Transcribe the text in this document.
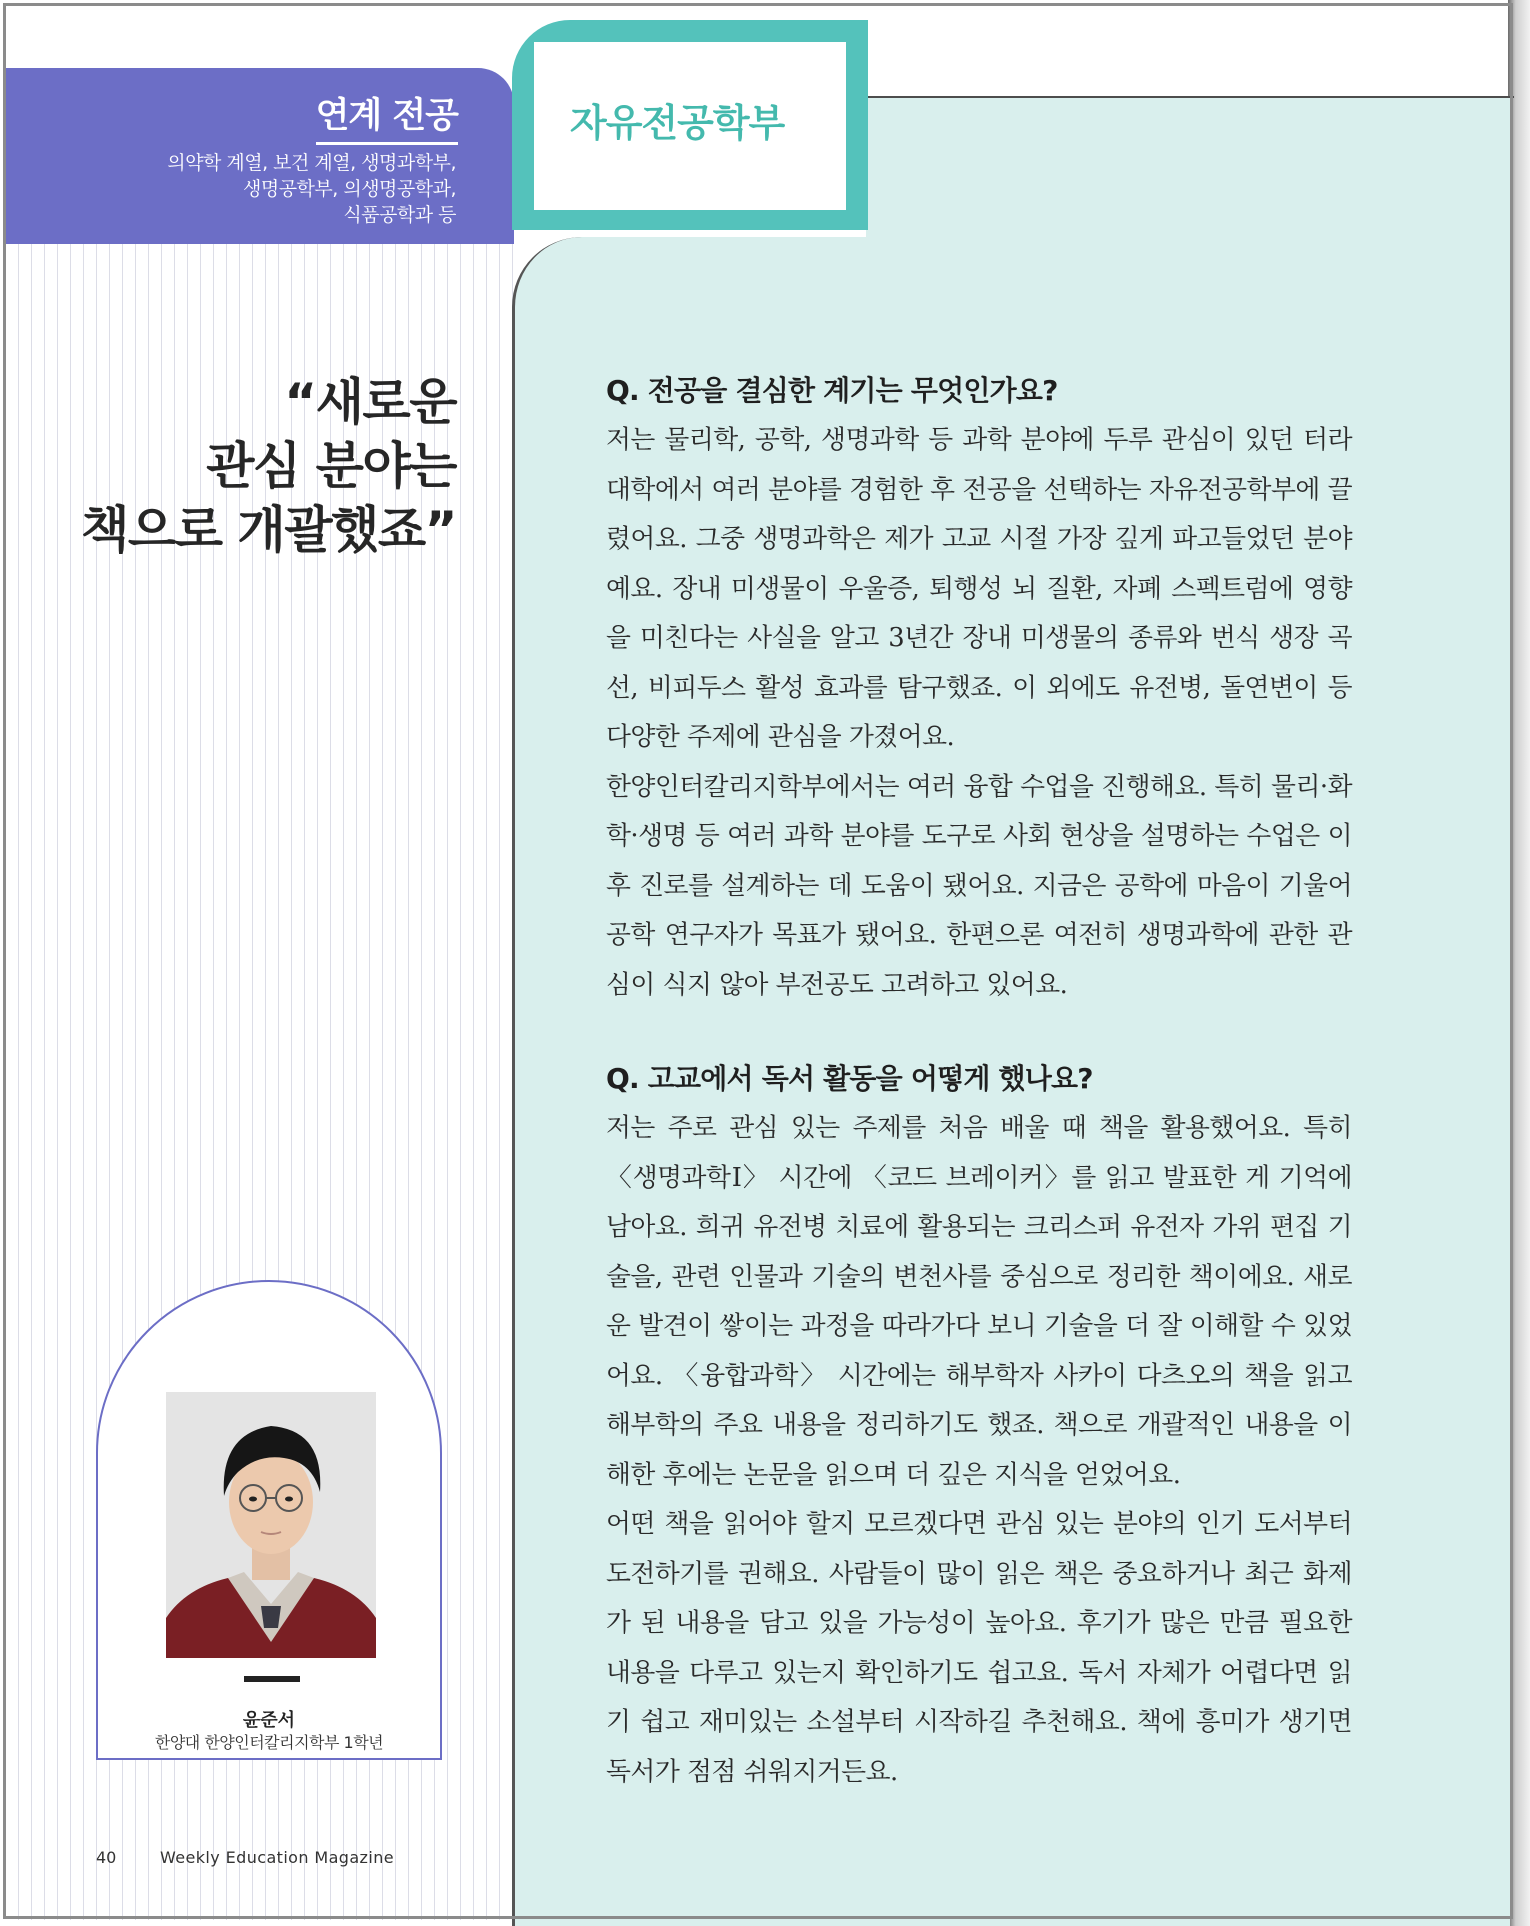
연계 전공
의약학 계열, 보건 계열, 생명과학부,
생명공학부, 의생명공학과,
식품공학과 등
자유전공학부
“새로운
관심 분야는
책으로 개괄했죠”
윤준서
한양대 한양인터칼리지학부 1학년
40	Weekly Education Magazine
Q. 전공을 결심한 계기는 무엇인가요?
저는 물리학, 공학, 생명과학 등 과학 분야에 두루 관심이 있던 터라 대학에서 여러 분야를 경험한 후 전공을 선택하는 자유전공학부에 끌렸어요. 그중 생명과학은 제가 고교 시절 가장 깊게 파고들었던 분야예요. 장내 미생물이 우울증, 퇴행성 뇌 질환, 자폐 스펙트럼에 영향을 미친다는 사실을 알고 3년간 장내 미생물의 종류와 번식 생장 곡선, 비피두스 활성 효과를 탐구했죠. 이 외에도 유전병, 돌연변이 등 다양한 주제에 관심을 가졌어요.
한양인터칼리지학부에서는 여러 융합 수업을 진행해요. 특히 물리·화학·생명 등 여러 과학 분야를 도구로 사회 현상을 설명하는 수업은 이후 진로를 설계하는 데 도움이 됐어요. 지금은 공학에 마음이 기울어 공학 연구자가 목표가 됐어요. 한편으론 여전히 생명과학에 관한 관심이 식지 않아 부전공도 고려하고 있어요.
Q. 고교에서 독서 활동을 어떻게 했나요?
저는 주로 관심 있는 주제를 처음 배울 때 책을 활용했어요. 특히 〈생명과학Ⅰ〉 시간에 〈코드 브레이커〉를 읽고 발표한 게 기억에 남아요. 희귀 유전병 치료에 활용되는 크리스퍼 유전자 가위 편집 기술을, 관련 인물과 기술의 변천사를 중심으로 정리한 책이에요. 새로운 발견이 쌓이는 과정을 따라가다 보니 기술을 더 잘 이해할 수 있었어요. 〈융합과학〉 시간에는 해부학자 사카이 다츠오의 책을 읽고 해부학의 주요 내용을 정리하기도 했죠. 책으로 개괄적인 내용을 이해한 후에는 논문을 읽으며 더 깊은 지식을 얻었어요.
어떤 책을 읽어야 할지 모르겠다면 관심 있는 분야의 인기 도서부터 도전하기를 권해요. 사람들이 많이 읽은 책은 중요하거나 최근 화제가 된 내용을 담고 있을 가능성이 높아요. 후기가 많은 만큼 필요한 내용을 다루고 있는지 확인하기도 쉽고요. 독서 자체가 어렵다면 읽기 쉽고 재미있는 소설부터 시작하길 추천해요. 책에 흥미가 생기면 독서가 점점 쉬워지거든요.
